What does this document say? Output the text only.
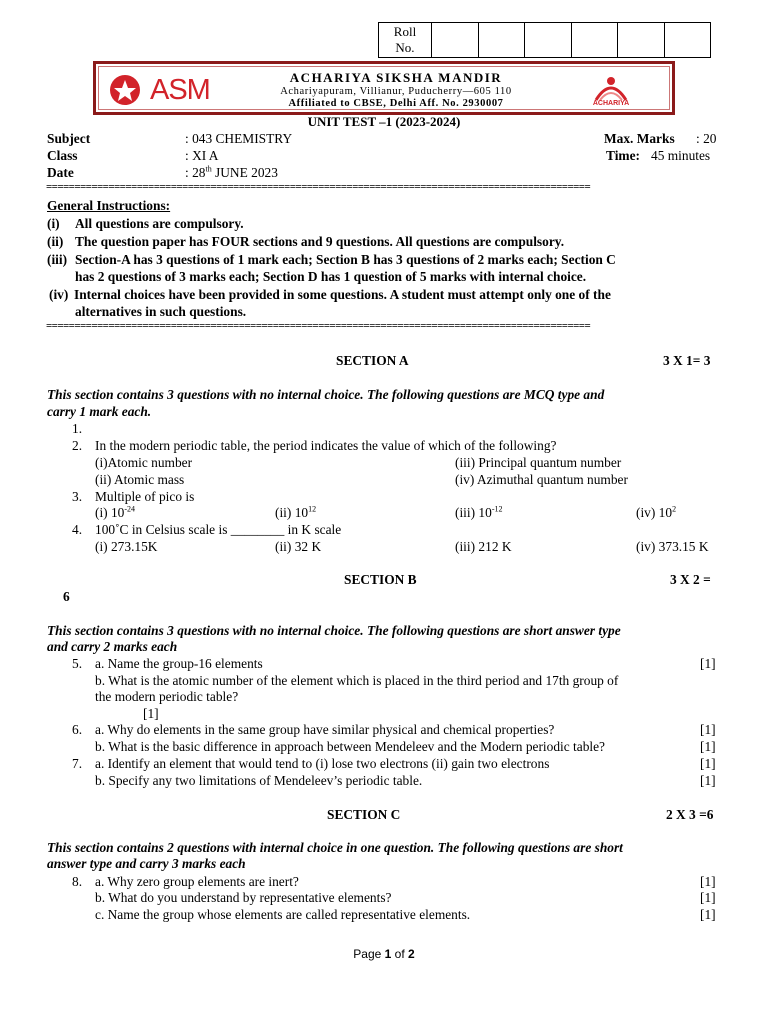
Roll
No.
ASM	ACHARIYA SIKSHA MANDIR
Achariyapuram, Villianur, Puducherry—605 110
Affiliated to CBSE, Delhi Aff. No. 2930007	ACHARIYA
UNIT TEST –1 (2023-2024)
Subject	: 043 CHEMISTRY
Class	: XI A
Date	: 28th JUNE 2023
Max. Marks : 20
Time: 45 minutes
================================================================================================
General Instructions:
(i) All questions are compulsory.
(ii) The question paper has FOUR sections and 9 questions. All questions are compulsory.
(iii) Section-A has 3 questions of 1 mark each; Section B has 3 questions of 2 marks each; Section C
has 2 questions of 3 marks each; Section D has 1 question of 5 marks with internal choice.
(iv) Internal choices have been provided in some questions. A student must attempt only one of the
alternatives in such questions.
================================================================================================
SECTION A	3 X 1= 3
This section contains 3 questions with no internal choice. The following questions are MCQ type and
carry 1 mark each.
1.
2. In the modern periodic table, the period indicates the value of which of the following?
(i)Atomic number	(iii) Principal quantum number
(ii) Atomic mass	(iv) Azimuthal quantum number
3. Multiple of pico is
(i) $10^{-24}$	(ii) $10^{12}$	(iii) $10^{-12}$	(iv) $10^2$
4. 100˚C in Celsius scale is ________ in K scale
(i) 273.15K	(ii) 32 K	(iii) 212 K	(iv) 373.15 K
SECTION B	3 X 2 =
6
This section contains 3 questions with no internal choice. The following questions are short answer type
and carry 2 marks each
5. a. Name the group-16 elements	[1]
b. What is the atomic number of the element which is placed in the third period and 17th group of
the modern periodic table?
[1]
6. a. Why do elements in the same group have similar physical and chemical properties?	[1]
b. What is the basic difference in approach between Mendeleev and the Modern periodic table?	[1]
7. a. Identify an element that would tend to (i) lose two electrons (ii) gain two electrons	[1]
b. Specify any two limitations of Mendeleev’s periodic table.	[1]
SECTION C	2 X 3 =6
This section contains 2 questions with internal choice in one question. The following questions are short
answer type and carry 3 marks each
8. a. Why zero group elements are inert?	[1]
b. What do you understand by representative elements?	[1]
c. Name the group whose elements are called representative elements.	[1]
Page 1 of 2
